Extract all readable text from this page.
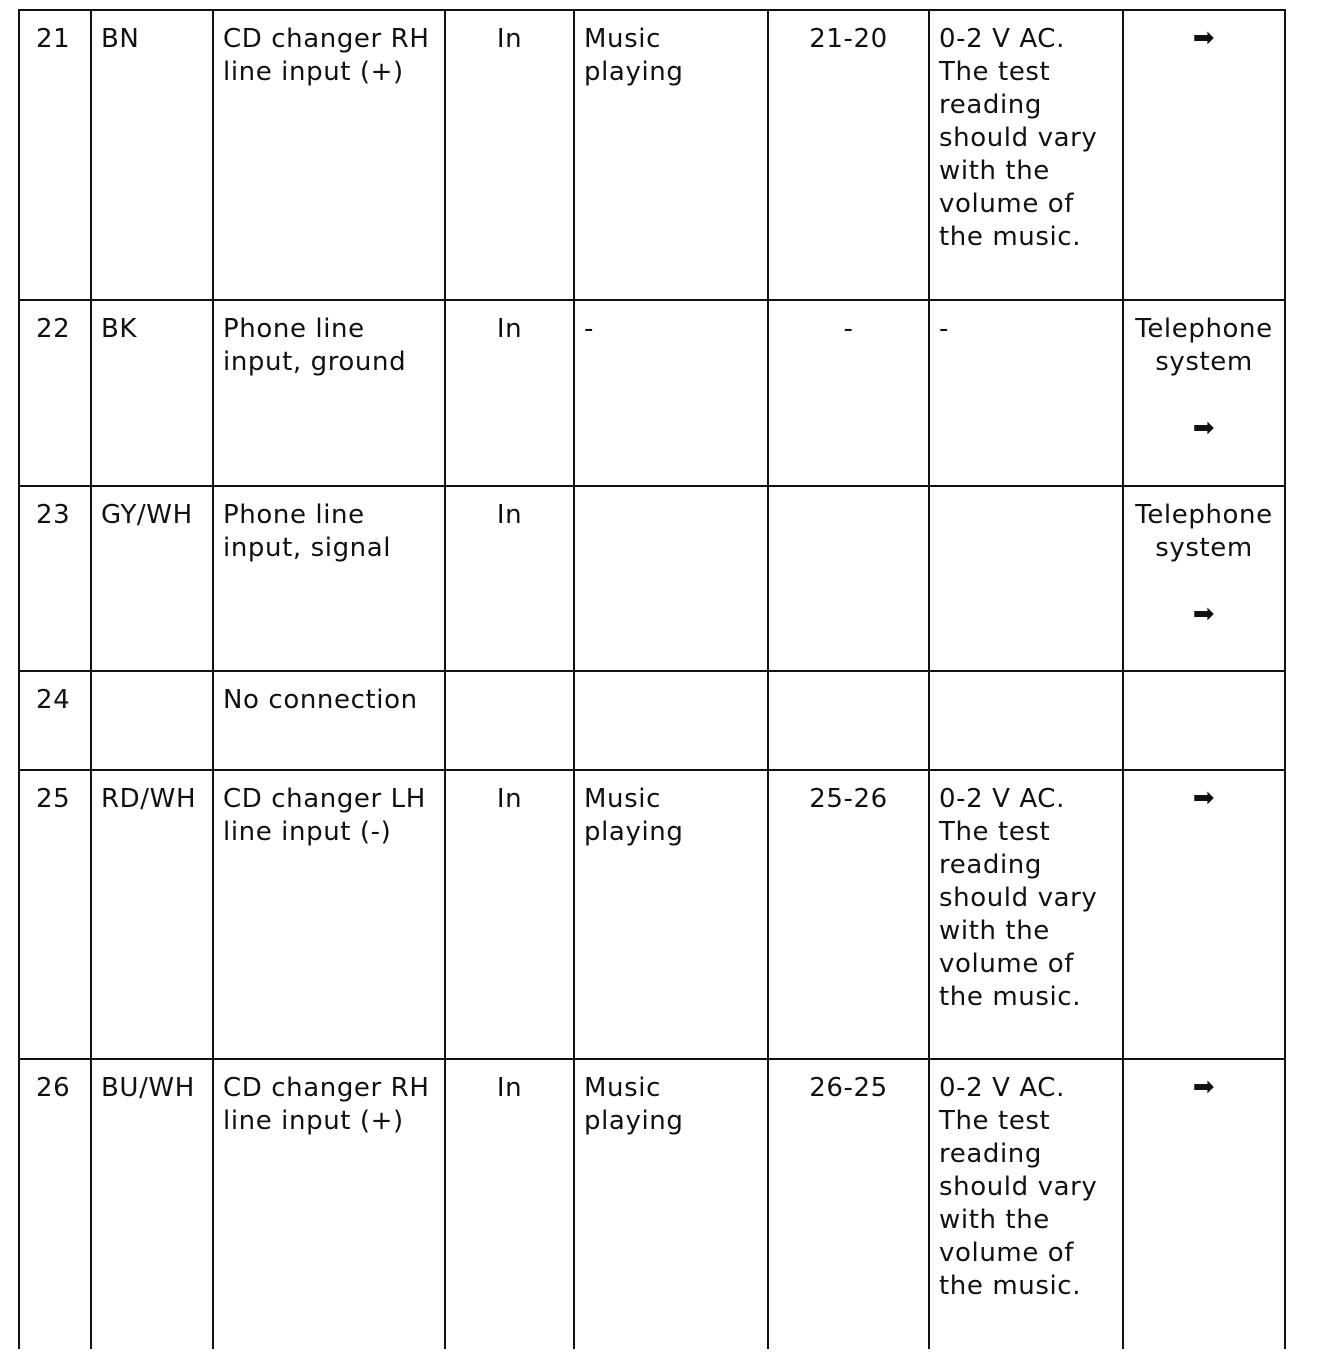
21	BN	CD changer RH line input (+)	In	Music playing	21-20	0-2 V AC. The test reading should vary with the volume of the music.	➡

22	BK	Phone line input, ground	In	-	-	-	Telephone system
➡

23	GY/WH	Phone line input, signal	In				Telephone system
➡

24		No connection					
25	RD/WH	CD changer LH line input (-)	In	Music playing	25-26	0-2 V AC. The test reading should vary with the volume of the music.	➡

26	BU/WH	CD changer RH line input (+)	In	Music playing	26-25	0-2 V AC. The test reading should vary with the volume of the music.	➡
